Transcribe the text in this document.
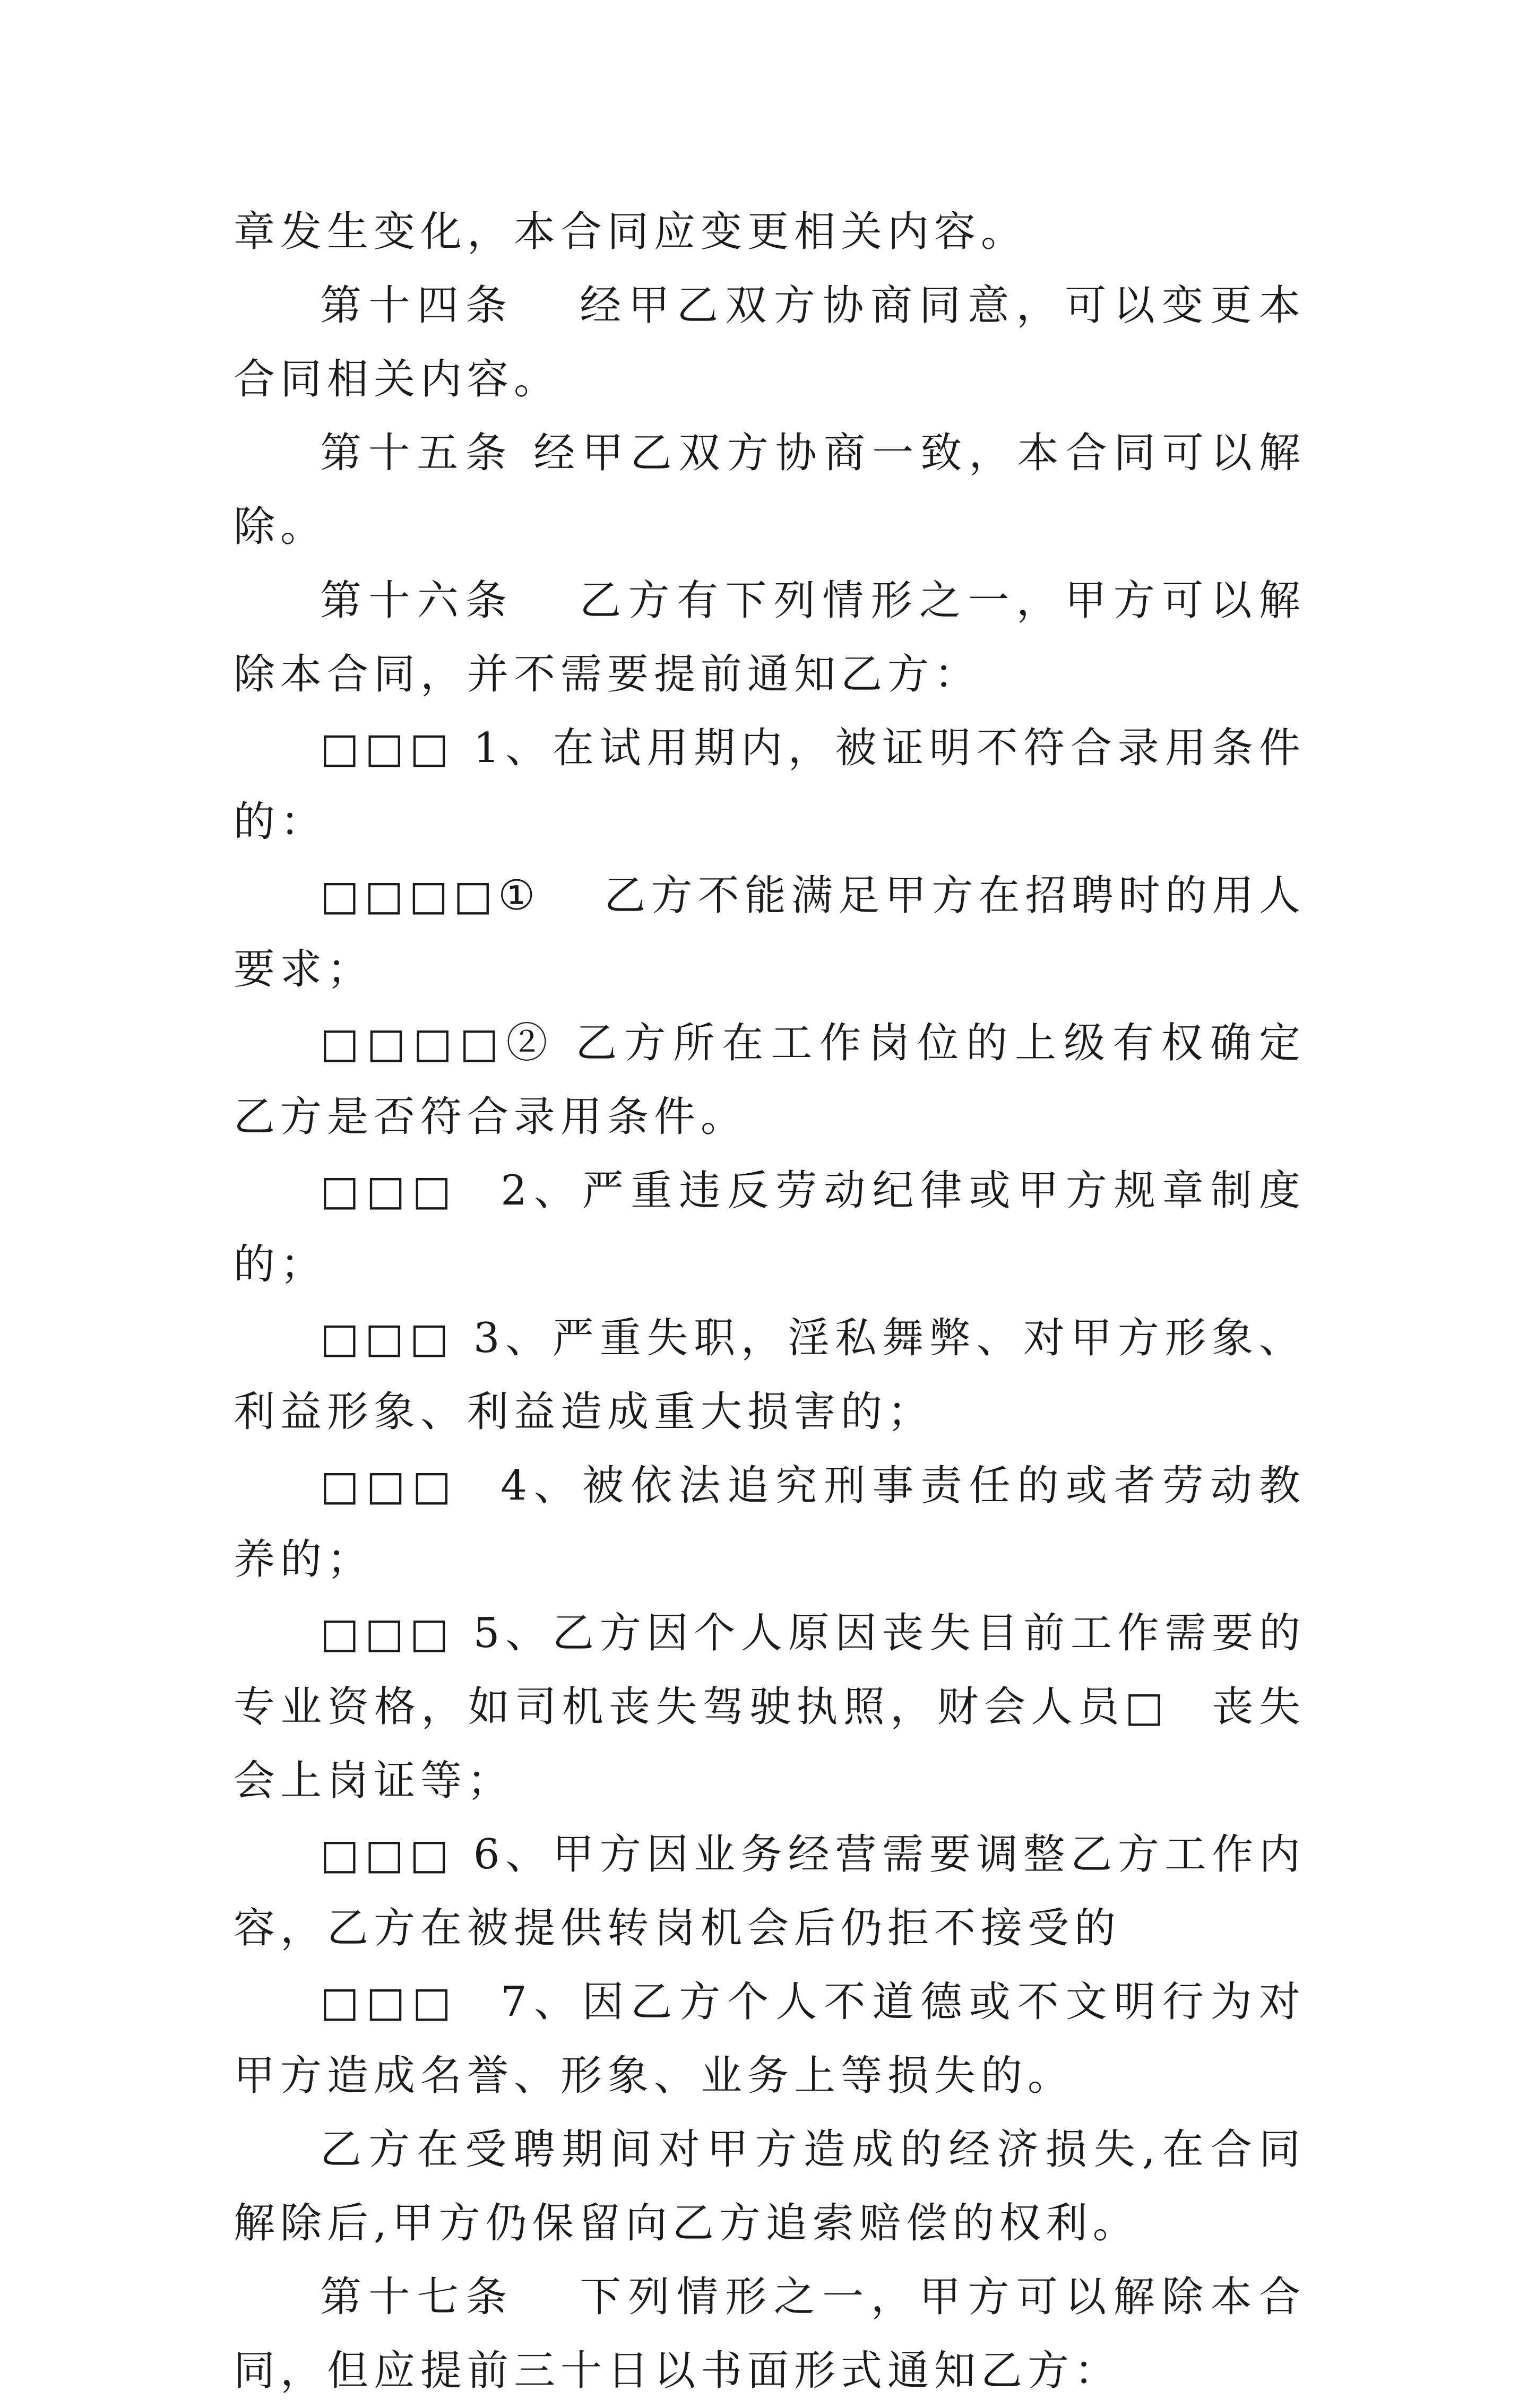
章发生变化，本合同应变更相关内容。

第十四条 经甲乙双方协商同意，可以变更本合同相关内容。

第十五条 经甲乙双方协商一致，本合同可以解除。

第十六条 乙方有下列情形之一，甲方可以解除本合同，并不需要提前通知乙方：

□□□ 1、在试用期内，被证明不符合录用条件的：

□□□□① 乙方不能满足甲方在招聘时的用人要求；

□□□□② 乙方所在工作岗位的上级有权确定乙方是否符合录用条件。

□□□ 2、严重违反劳动纪律或甲方规章制度的；

□□□ 3、严重失职，淫私舞弊、对甲方形象、利益形象、利益造成重大损害的；

□□□ 4、被依法追究刑事责任的或者劳动教养的；

□□□ 5、乙方因个人原因丧失目前工作需要的专业资格，如司机丧失驾驶执照，财会人员□ 丧失会上岗证等；

□□□ 6、甲方因业务经营需要调整乙方工作内容，乙方在被提供转岗机会后仍拒不接受的

□□□ 7、因乙方个人不道德或不文明行为对甲方造成名誉、形象、业务上等损失的。

乙方在受聘期间对甲方造成的经济损失,在合同解除后,甲方仍保留向乙方追索赔偿的权利。

第十七条 下列情形之一，甲方可以解除本合同，但应提前三十日以书面形式通知乙方：
